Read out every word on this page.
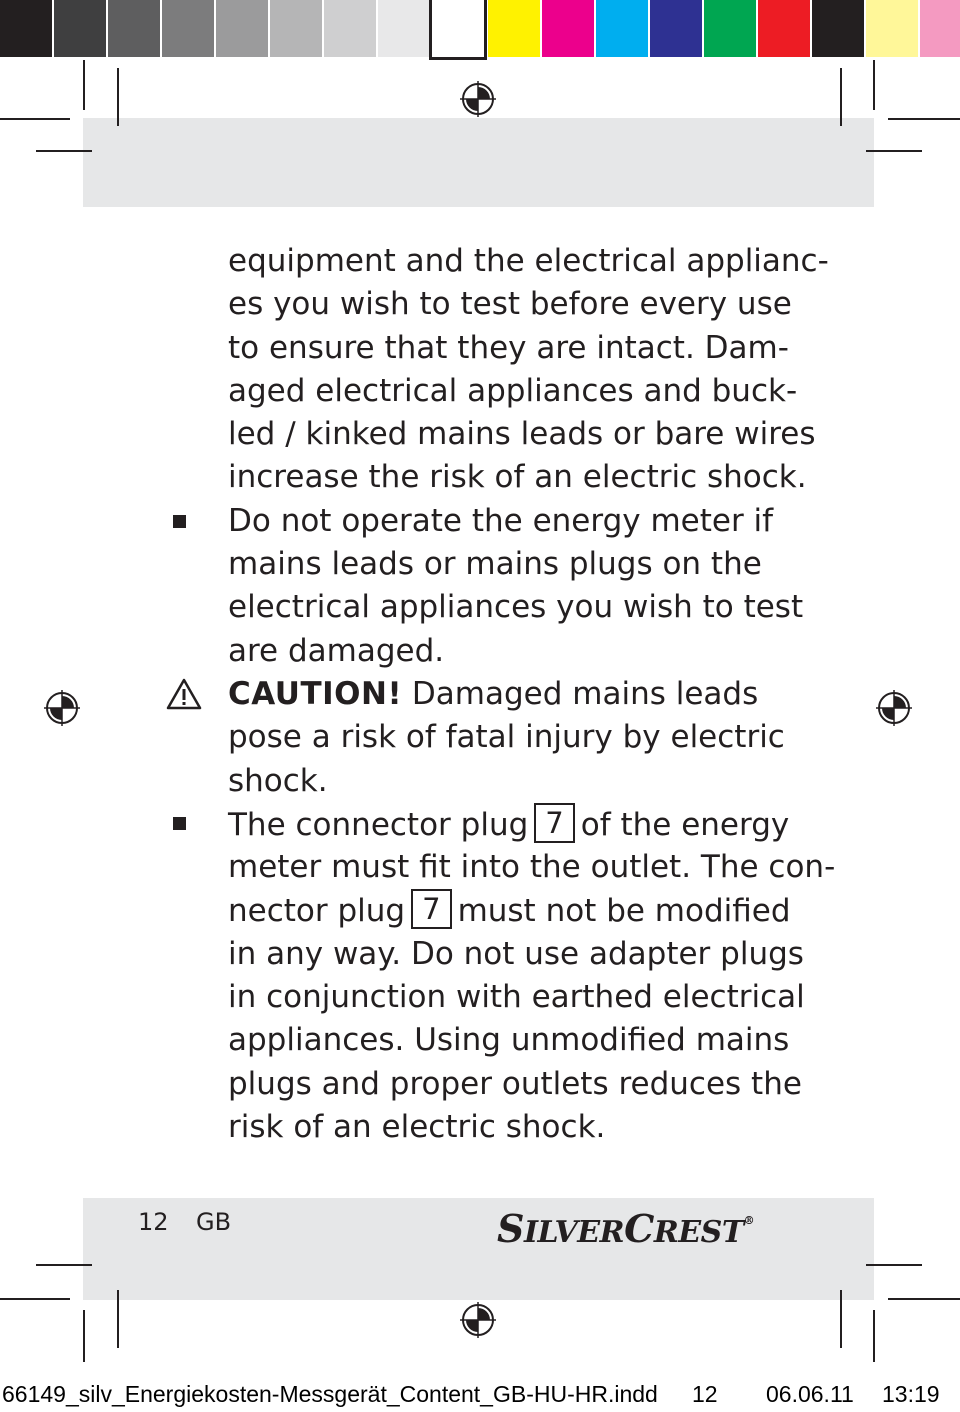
equipment and the electrical applianc-
es you wish to test before every use
to ensure that they are intact. Dam-
aged electrical appliances and buck-
led / kinked mains leads or bare wires
increase the risk of an electric shock.
Do not operate the energy meter if
mains leads or mains plugs on the
electrical appliances you wish to test
are damaged.
CAUTION! Damaged mains leads
pose a risk of fatal injury by electric
shock.
The connector plug 7 of the energy
meter must fit into the outlet. The con-
nector plug 7 must not be modified
in any way. Do not use adapter plugs
in conjunction with earthed electrical
appliances. Using unmodified mains
plugs and proper outlets reduces the
risk of an electric shock.
12 GB	SILVERCREST®
66149_silv_Energiekosten-Messgerät_Content_GB-HU-HR.indd 12 06.06.11 13:19
